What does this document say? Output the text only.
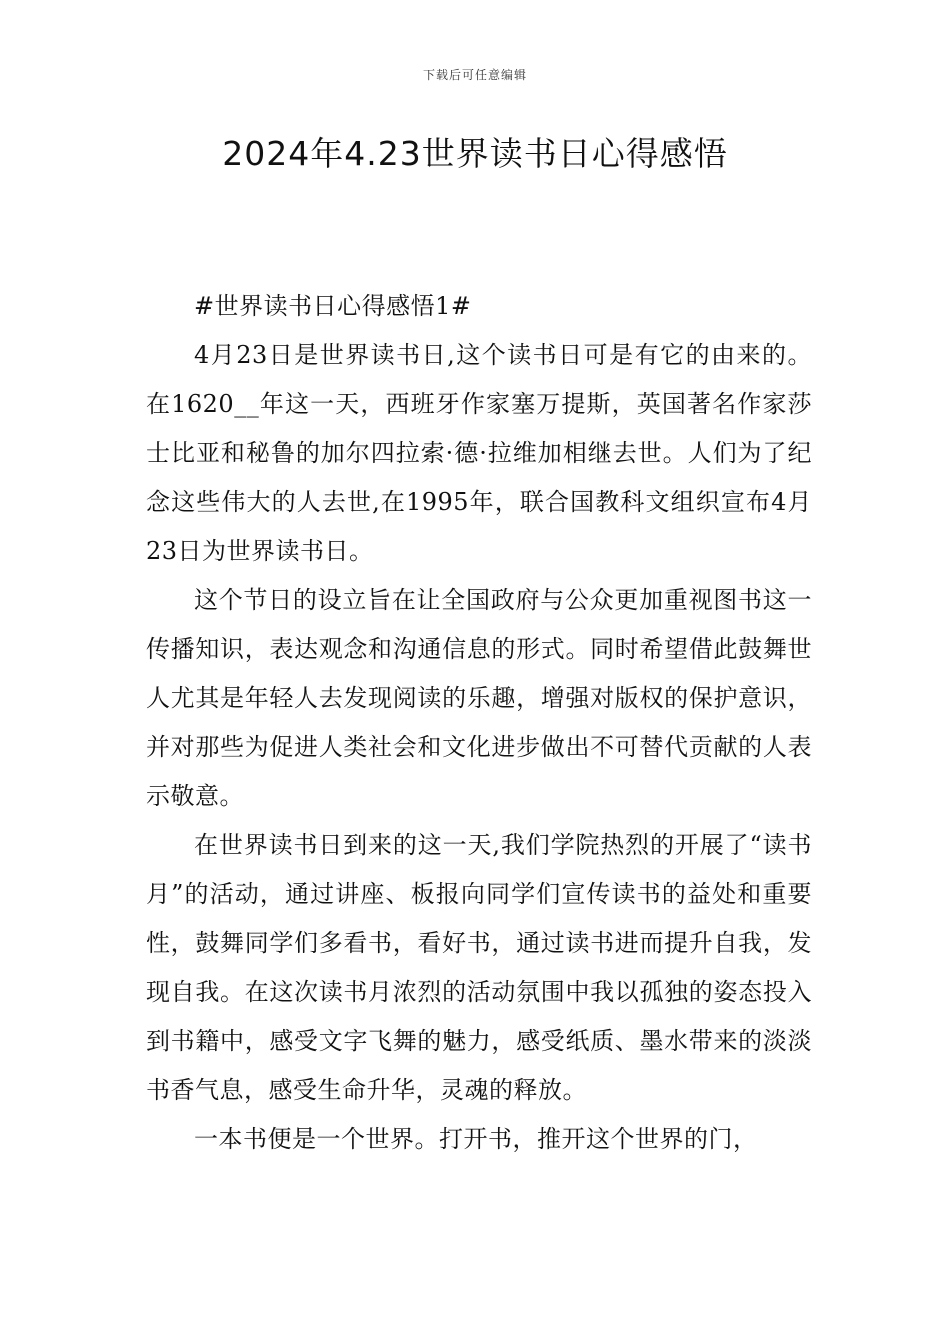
下载后可任意编辑
2024年4.23世界读书日心得感悟

#世界读书日心得感悟1#

4月23日是世界读书日,这个读书日可是有它的由来的。在1620__年这一天，西班牙作家塞万提斯，英国著名作家莎士比亚和秘鲁的加尔四拉索·德·拉维加相继去世。人们为了纪念这些伟大的人去世,在1995年，联合国教科文组织宣布4月23日为世界读书日。

这个节日的设立旨在让全国政府与公众更加重视图书这一传播知识，表达观念和沟通信息的形式。同时希望借此鼓舞世人尤其是年轻人去发现阅读的乐趣，增强对版权的保护意识，并对那些为促进人类社会和文化进步做出不可替代贡献的人表示敬意。

在世界读书日到来的这一天,我们学院热烈的开展了“读书月”的活动，通过讲座、板报向同学们宣传读书的益处和重要性，鼓舞同学们多看书，看好书，通过读书进而提升自我，发现自我。在这次读书月浓烈的活动氛围中我以孤独的姿态投入到书籍中，感受文字飞舞的魅力，感受纸质、墨水带来的淡淡书香气息，感受生命升华，灵魂的释放。

一本书便是一个世界。打开书，推开这个世界的门，
